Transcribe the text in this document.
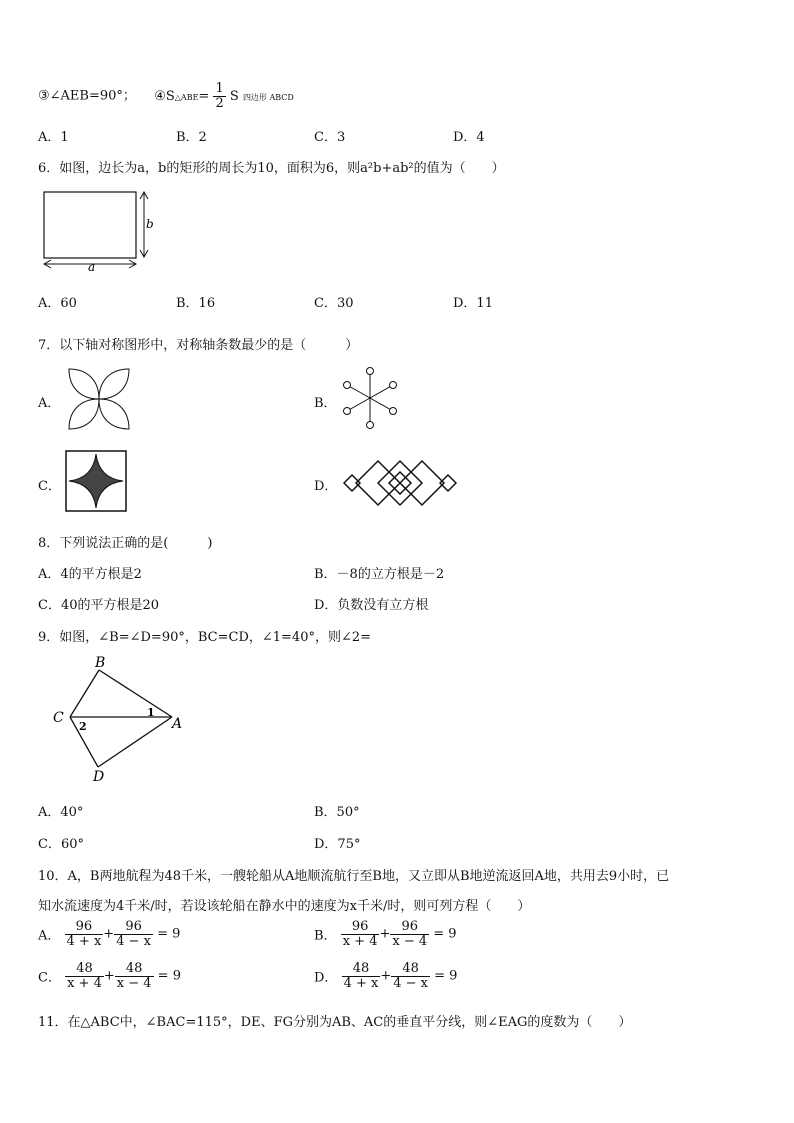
③∠AEB=90°； ④S△ABE= $\frac{1}{2}$ S 四边形 ABCD
A．1	B．2	C．3	D．4
6．如图，边长为a，b的矩形的周长为10，面积为6，则a²b+ab²的值为（　　）
a
b
A．60	B．16	C．30	D．11
7．以下轴对称图形中，对称轴条数最少的是（　　　）
A．	B．
C．	D．
8．下列说法正确的是(　　　)
A．4的平方根是2	B．－8的立方根是－2
C．40的平方根是20	D．负数没有立方根
9．如图，∠B=∠D=90°，BC=CD，∠1=40°，则∠2=
B
C	A
D
1
2
A．40°	B．50°
C．60°	D．75°
10．A，B两地航程为48千米，一艘轮船从A地顺流航行至B地，又立即从B地逆流返回A地，共用去9小时，已
知水流速度为4千米/时，若设该轮船在静水中的速度为x千米/时，则可列方程（　　）
A． $\frac{96}{4 + x} + \frac{96}{4 - x} = 9$	B． $\frac{96}{x + 4} + \frac{96}{x - 4} = 9$
C． $\frac{48}{x + 4} + \frac{48}{x - 4} = 9$	D． $\frac{48}{4 + x} + \frac{48}{4 - x} = 9$
11．在△ABC中，∠BAC=115°，DE、FG分别为AB、AC的垂直平分线，则∠EAG的度数为（　　）
